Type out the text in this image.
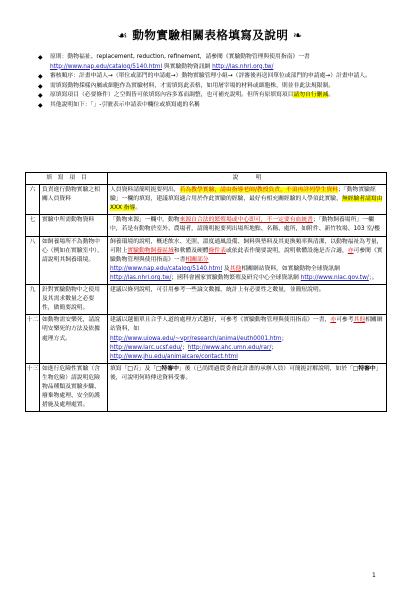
☙ 動物實驗相關表格填寫及說明 ❧
◆ 原則：動物福祉、replacement, reduction, refinement，請參閱《實驗動物管理與使用指南》一書 http://www.nap.edu/catalog/5140.html 與實驗動物資訊網 http://las.nhri.org.tw/
◆ 審核順序：計畫申請人→（單位或部門的申請處→）動物實驗管理小組→（評審後再送回單位或部門的申請處→）計畫申請人。
◆ 需填寫動物採樣內屬或細胞作為實驗材料，才需填寫此表格，如用屠宰場的材料或細胞株，則並非此法規限制。
◆ 原填寫項目（必要條件）之空間皆可依填寫內容多寡而調整，也可補充說明。但所有原填寫項目請勿自行刪減。
◆ 其他說明如下：「」-引號表示申請表中欄位或填寫處的名稱
填　寫　項　目		說　　　明
六	負責進行動物實驗之相關人員資料	人員資料請簡明扼要列出，若為教學實驗，請由指導老師/教授負責，不須再詳列學生資料；「動物實驗經驗」一欄的填寫，建議填寫適合用於作此實驗的經驗，最好有相充關經驗的人學須此實驗，無經驗者請寫由 XXX 指導。
七	實驗中所需動物資料	「動物來源」一欄中，動物來源自合法的繁殖場或中心即可，不一定要有血統書；「動物飼養場所」一欄中，若是有動物於室外、農場者，請簡明扼要列出場所地點、名稱、處所，如附件、新竹牧場、103 室/樓
八	如飼養場所不為動物中心（例如在實驗室中），請說明其飼養環境。	飼養環境的說明，概述飲水、光照、溫度通風設備、飼料與墊料及其更換頻率與清潔，以動物福祉為考量，可附上實驗動物飼養區域和軟體及硬體條件表或依此表作簡要說明，說明軟體設施是否合適，亦可參閱《實驗動物管理與使用指南》一書相關部分
http://www.nap.edu/catalog/5140.html 及其他相關網站資料，如實驗動物全球資訊網 http://las.nhri.org.tw/；國科會國家實驗動物繁殖及研究中心全球資訊網 http://www.nlac.gov.tw/；。
九	針對實驗動物中之使用及其需求數量之必要性，做簡要說明。	建議以條列說明，可引用參考一些論文數據，統計上有必要性之數量，並簡短說明。
十二	如動物需安樂死，請說明安樂死的方法及依據處理方式。	建議以越簡單且合乎人道的處理方式越好，可參考《實驗動物管理與使用指南》一書，亦可參考其他相關網站資料，如
http://www.uiowa.edu/~vpr/research/animal/euth0001.htm；
http://www.larc.ucsf.edu/；http://www.ahc.umn.edu/rar/；
http://www.jhu.edu/animalcare/contact.html
十三	如進行危險性實驗（含生物危險）請說明危險物品種類及實驗步驟、廢棄物處理、安全防護措施及處理處置。	填寫「□否」及「□特審中」後（已尚問過農委會此計畫的承辦人員）可簡扼討解說明，如於「□特審中」後，可說明何時傳送資料受審。
1
